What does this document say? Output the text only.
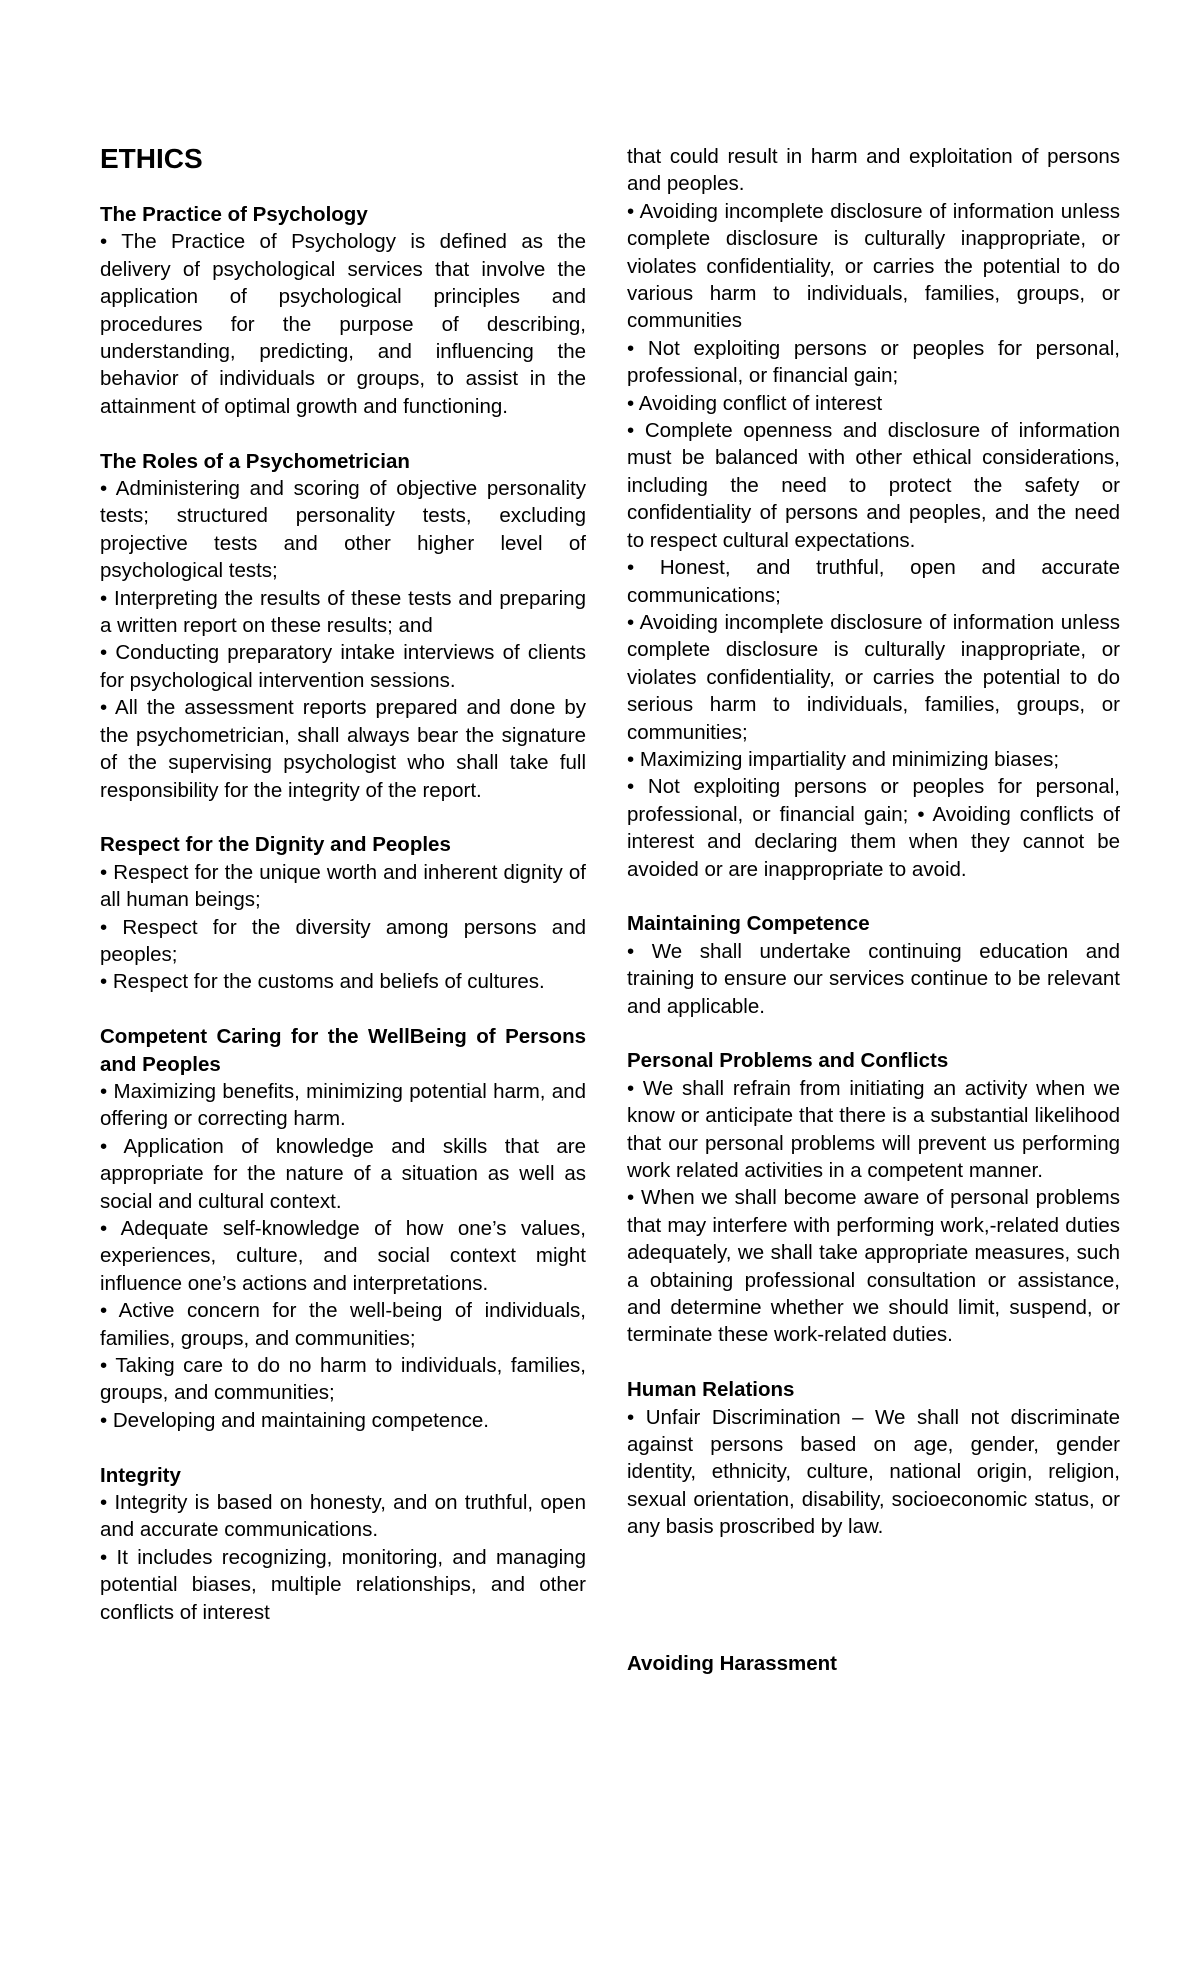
ETHICS

The Practice of Psychology

• The Practice of Psychology is defined as the delivery of psychological services that involve the application of psychological principles and procedures for the purpose of describing, understanding, predicting, and influencing the behavior of individuals or groups, to assist in the attainment of optimal growth and functioning.

The Roles of a Psychometrician

• Administering and scoring of objective personality tests; structured personality tests, excluding projective tests and other higher level of psychological tests;

• Interpreting the results of these tests and preparing a written report on these results; and

• Conducting preparatory intake interviews of clients for psychological intervention sessions.

• All the assessment reports prepared and done by the psychometrician, shall always bear the signature of the supervising psychologist who shall take full responsibility for the integrity of the report.

Respect for the Dignity and Peoples

• Respect for the unique worth and inherent dignity of all human beings;

• Respect for the diversity among persons and peoples;

• Respect for the customs and beliefs of cultures.

Competent Caring for the WellBeing of Persons and Peoples

• Maximizing benefits, minimizing potential harm, and offering or correcting harm.

• Application of knowledge and skills that are appropriate for the nature of a situation as well as social and cultural context.

• Adequate self-knowledge of how one’s values, experiences, culture, and social context might influence one’s actions and interpretations.

• Active concern for the well-being of individuals, families, groups, and communities;

• Taking care to do no harm to individuals, families, groups, and communities;

• Developing and maintaining competence.

Integrity

• Integrity is based on honesty, and on truthful, open and accurate communications.

• It includes recognizing, monitoring, and managing potential biases, multiple relationships, and other conflicts of interest

that could result in harm and exploitation of persons and peoples.

• Avoiding incomplete disclosure of information unless complete disclosure is culturally inappropriate, or violates confidentiality, or carries the potential to do various harm to individuals, families, groups, or communities

• Not exploiting persons or peoples for personal, professional, or financial gain;

• Avoiding conflict of interest

• Complete openness and disclosure of information must be balanced with other ethical considerations, including the need to protect the safety or confidentiality of persons and peoples, and the need to respect cultural expectations.

• Honest, and truthful, open and accurate communications;

• Avoiding incomplete disclosure of information unless complete disclosure is culturally inappropriate, or violates confidentiality, or carries the potential to do serious harm to individuals, families, groups, or communities;

• Maximizing impartiality and minimizing biases;

• Not exploiting persons or peoples for personal, professional, or financial gain; • Avoiding conflicts of interest and declaring them when they cannot be avoided or are inappropriate to avoid.

Maintaining Competence

• We shall undertake continuing education and training to ensure our services continue to be relevant and applicable.

Personal Problems and Conflicts

• We shall refrain from initiating an activity when we know or anticipate that there is a substantial likelihood that our personal problems will prevent us performing work related activities in a competent manner.

• When we shall become aware of personal problems that may interfere with performing work,-related duties adequately, we shall take appropriate measures, such a obtaining professional consultation or assistance, and determine whether we should limit, suspend, or terminate these work-related duties.

Human Relations

• Unfair Discrimination – We shall not discriminate against persons based on age, gender, gender identity, ethnicity, culture, national origin, religion, sexual orientation, disability, socioeconomic status, or any basis proscribed by law.

Avoiding Harassment
